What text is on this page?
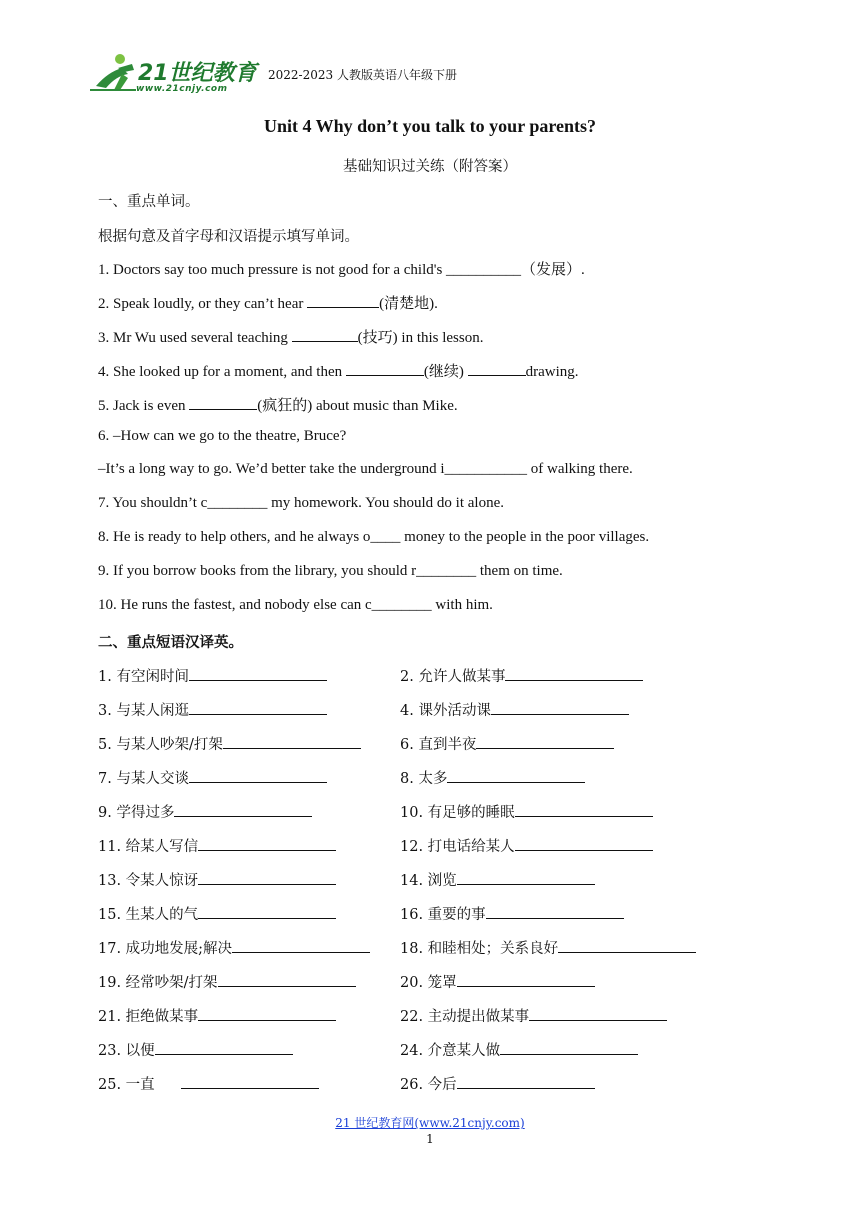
21世纪教育
www.21cnjy.com
2022-2023 人教版英语八年级下册
Unit 4 Why don’t you talk to your parents?
基础知识过关练（附答案）
一、重点单词。
根据句意及首字母和汉语提示填写单词。
1. Doctors say too much pressure is not good for a child's __________（发展）.
2. Speak loudly, or they can’t hear	(清楚地).
3. Mr Wu used several teaching	(技巧) in this lesson.
4. She looked up for a moment, and then	(继续)	drawing.
5. Jack is even	(疯狂的) about music than Mike.
6. –How can we go to the theatre, Bruce?
–It’s a long way to go. We’d better take the underground i___________ of walking there.
7. You shouldn’t c________ my homework. You should do it alone.
8. He is ready to help others, and he always o____ money to the people in the poor villages.
9. If you borrow books from the library, you should r________ them on time.
10. He runs the fastest, and nobody else can c________ with him.
二、重点短语汉译英。
1. 有空闲时间	2. 允许人做某事
3. 与某人闲逛	4. 课外活动课
5. 与某人吵架/打架	6. 直到半夜
7. 与某人交谈	8. 太多
9. 学得过多	10. 有足够的睡眠
11. 给某人写信	12. 打电话给某人
13. 令某人惊讶	14. 浏览
15. 生某人的气	16. 重要的事
17. 成功地发展;解决	18. 和睦相处；关系良好
19. 经常吵架/打架	20. 笼罩
21. 拒绝做某事	22. 主动提出做某事
23. 以便	24. 介意某人做
25. 一直	26. 今后
21 世纪教育网(www.21cnjy.com)
1
